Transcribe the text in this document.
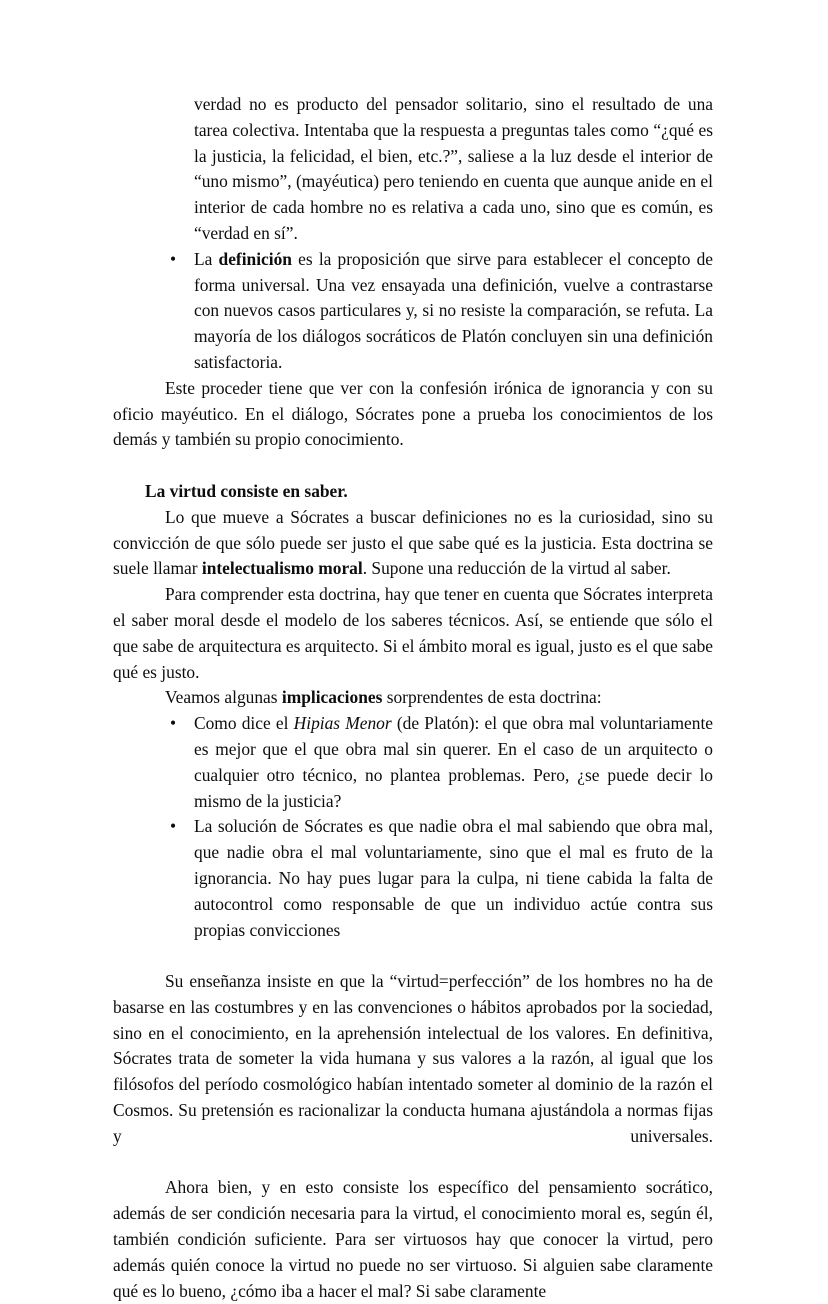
verdad no es producto del pensador solitario, sino el resultado de una tarea colectiva. Intentaba que la respuesta a preguntas tales como “¿qué es la justicia, la felicidad, el bien, etc.?”, saliese a la luz desde el interior de “uno mismo”, (mayéutica) pero teniendo en cuenta que aunque anide en el interior de cada hombre no es relativa a cada uno, sino que es común, es “verdad en sí”.

• La definición es la proposición que sirve para establecer el concepto de forma universal. Una vez ensayada una definición, vuelve a contrastarse con nuevos casos particulares y, si no resiste la comparación, se refuta. La mayoría de los diálogos socráticos de Platón concluyen sin una definición satisfactoria.

Este proceder tiene que ver con la confesión irónica de ignorancia y con su oficio mayéutico. En el diálogo, Sócrates pone a prueba los conocimientos de los demás y también su propio conocimiento.

La virtud consiste en saber.

Lo que mueve a Sócrates a buscar definiciones no es la curiosidad, sino su convicción de que sólo puede ser justo el que sabe qué es la justicia. Esta doctrina se suele llamar intelectualismo moral. Supone una reducción de la virtud al saber.

Para comprender esta doctrina, hay que tener en cuenta que Sócrates interpreta el saber moral desde el modelo de los saberes técnicos. Así, se entiende que sólo el que sabe de arquitectura es arquitecto. Si el ámbito moral es igual, justo es el que sabe qué es justo.

Veamos algunas implicaciones sorprendentes de esta doctrina:

• Como dice el Hipias Menor (de Platón): el que obra mal voluntariamente es mejor que el que obra mal sin querer. En el caso de un arquitecto o cualquier otro técnico, no plantea problemas. Pero, ¿se puede decir lo mismo de la justicia?
• La solución de Sócrates es que nadie obra el mal sabiendo que obra mal, que nadie obra el mal voluntariamente, sino que el mal es fruto de la ignorancia. No hay pues lugar para la culpa, ni tiene cabida la falta de autocontrol como responsable de que un individuo actúe contra sus propias convicciones

Su enseñanza insiste en que la “virtud=perfección” de los hombres no ha de basarse en las costumbres y en las convenciones o hábitos aprobados por la sociedad, sino en el conocimiento, en la aprehensión intelectual de los valores. En definitiva, Sócrates trata de someter la vida humana y sus valores a la razón, al igual que los filósofos del período cosmológico habían intentado someter al dominio de la razón el Cosmos. Su pretensión es racionalizar la conducta humana ajustándola a normas fijas y universales.

Ahora bien, y en esto consiste los específico del pensamiento socrático, además de ser condición necesaria para la virtud, el conocimiento moral es, según él, también condición suficiente. Para ser virtuosos hay que conocer la virtud, pero además quién conoce la virtud no puede no ser virtuoso. Si alguien sabe claramente qué es lo bueno, ¿cómo iba a hacer el mal? Si sabe claramente
